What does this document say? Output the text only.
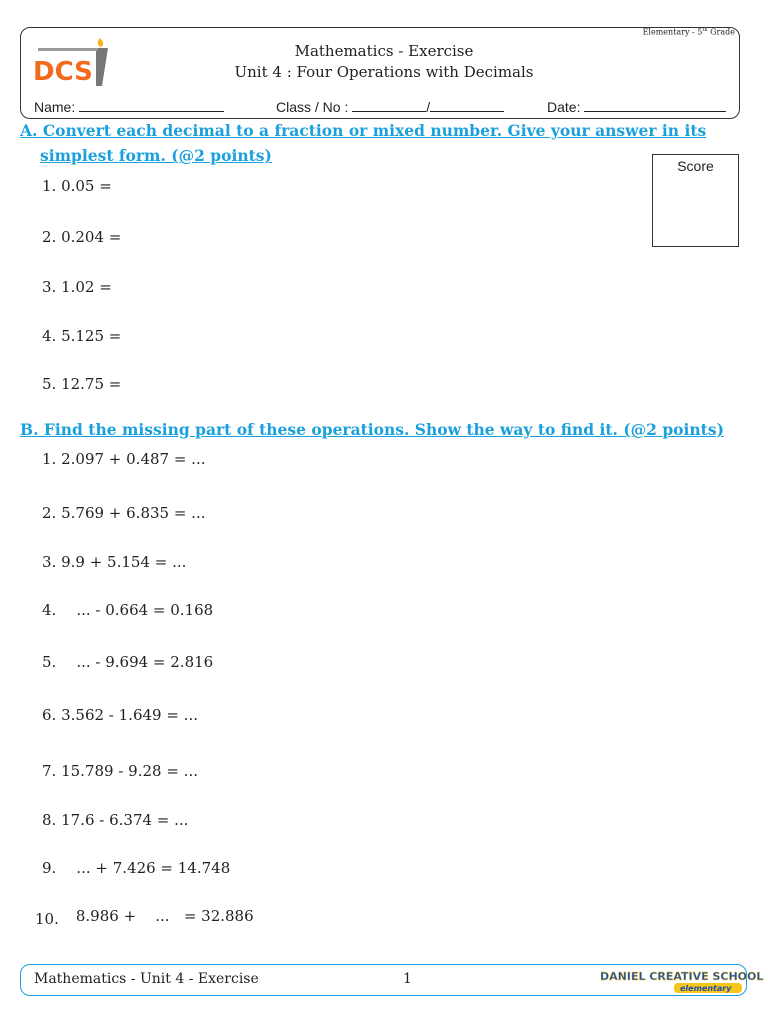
Elementary - 5th Grade
DCS
Mathematics - Exercise
Unit 4 : Four Operations with Decimals
Name:	Class / No :	/	Date:
A. Convert each decimal to a fraction or mixed number. Give your answer in its
simplest form. (@2 points)
Score
1. 0.05 =
2. 0.204 =
3. 1.02 =
4. 5.125 =
5. 12.75 =
B. Find the missing part of these operations. Show the way to find it. (@2 points)
1. 2.097 + 0.487 = ...
2. 5.769 + 6.835 = ...
3. 9.9 + 5.154 = ...
4. ... - 0.664 = 0.168
5. ... - 9.694 = 2.816
6. 3.562 - 1.649 = ...
7. 15.789 - 9.28 = ...
8. 17.6 - 6.374 = ...
9. ... + 7.426 = 14.748
10. 8.986 +    ...   = 32.886
Mathematics - Unit 4 - Exercise	1	DANIEL CREATIVE SCHOOL
elementary
